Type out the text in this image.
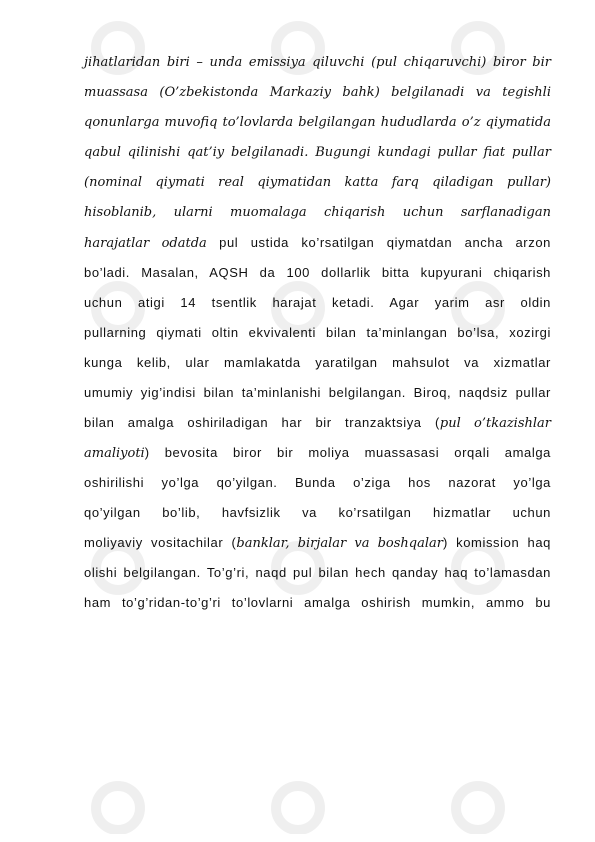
jihatlaridan biri – unda emissiya qiluvchi (pul chiqaruvchi) biror bir
muassasa (O’zbekistonda Markaziy bahk) belgilanadi va tegishli
qonunlarga muvofiq to’lovlarda belgilangan hududlarda o’z qiymatida
qabul qilinishi qat’iy belgilanadi. Bugungi kundagi pullar fiat pullar
(nominal qiymati real qiymatidan katta farq qiladigan pullar)
hisoblanib, ularni muomalaga chiqarish uchun sarflanadigan
harajatlar odatda pul ustida ko’rsatilgan qiymatdan ancha arzon
bo’ladi. Masalan, AQSH da 100 dollarlik bitta kupyurani chiqarish
uchun atigi 14 tsentlik harajat ketadi. Agar yarim asr oldin
pullarning qiymati oltin ekvivalenti bilan ta’minlangan bo’lsa, xozirgi
kunga kelib, ular mamlakatda yaratilgan mahsulot va xizmatlar
umumiy yig’indisi bilan ta’minlanishi belgilangan. Biroq, naqdsiz pullar
bilan amalga oshiriladigan har bir tranzaktsiya (pul o’tkazishlar
amaliyoti) bevosita biror bir moliya muassasasi orqali amalga
oshirilishi yo’lga qo’yilgan. Bunda o’ziga hos nazorat yo’lga
qo’yilgan bo’lib, havfsizlik va ko’rsatilgan hizmatlar uchun
moliyaviy vositachilar (banklar, birjalar va boshqalar) komission haq
olishi belgilangan. To’g’ri, naqd pul bilan hech qanday haq to’lamasdan
ham to’g’ridan-to’g’ri to’lovlarni amalga oshirish mumkin, ammo bu
